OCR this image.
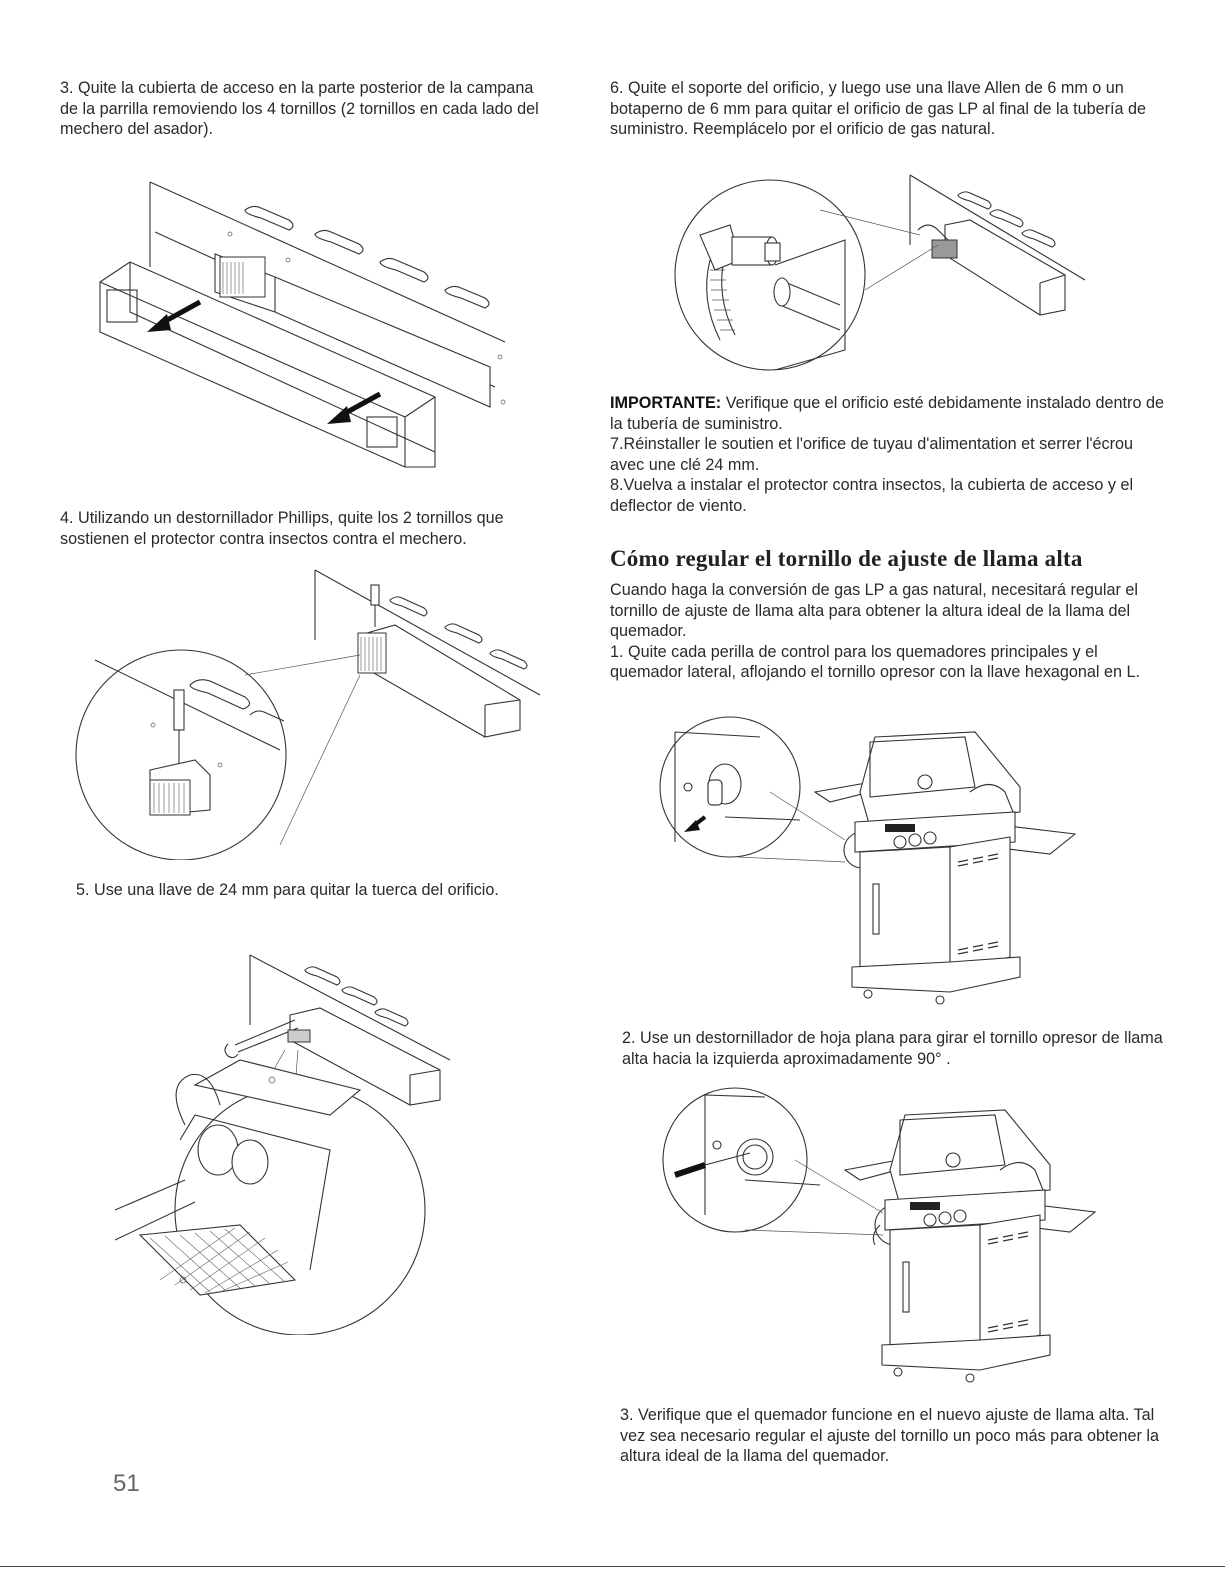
3. Quite la cubierta de acceso en la parte posterior de la campana de la parrilla removiendo los 4 tornillos (2 tornillos en cada lado del mechero del asador).

4. Utilizando un destornillador Phillips, quite los 2 tornillos que sostienen el protector contra insectos contra el mechero.

5. Use una llave de 24 mm para quitar la tuerca del orificio.

6. Quite el soporte del orificio, y luego use una llave Allen de 6 mm o un botaperno de 6 mm para quitar el orificio de gas LP al final de la tubería de suministro. Reemplácelo por el orificio de gas natural.

IMPORTANTE: Verifique que el orificio esté debidamente instalado dentro de la tubería de suministro.

7.Réinstaller le soutien et l'orifice de tuyau d'alimentation et serrer l'écrou avec une clé 24 mm.

8.Vuelva a instalar el protector contra insectos, la cubierta de acceso y el deflector de viento.

Cómo regular el tornillo de ajuste de llama alta

Cuando haga la conversión de gas LP a gas natural, necesitará regular el tornillo de ajuste de llama alta para obtener la altura ideal de la llama del quemador.

1. Quite cada perilla de control para los quemadores principales y el quemador lateral, aflojando el tornillo opresor con la llave hexagonal en L.

2. Use un destornillador de hoja plana para girar el tornillo opresor de llama alta hacia la izquierda aproximadamente 90° .

3. Verifique que el quemador funcione en el nuevo ajuste de llama alta. Tal vez sea necesario regular el ajuste del tornillo un poco más para obtener la altura ideal de la llama del quemador.

51
